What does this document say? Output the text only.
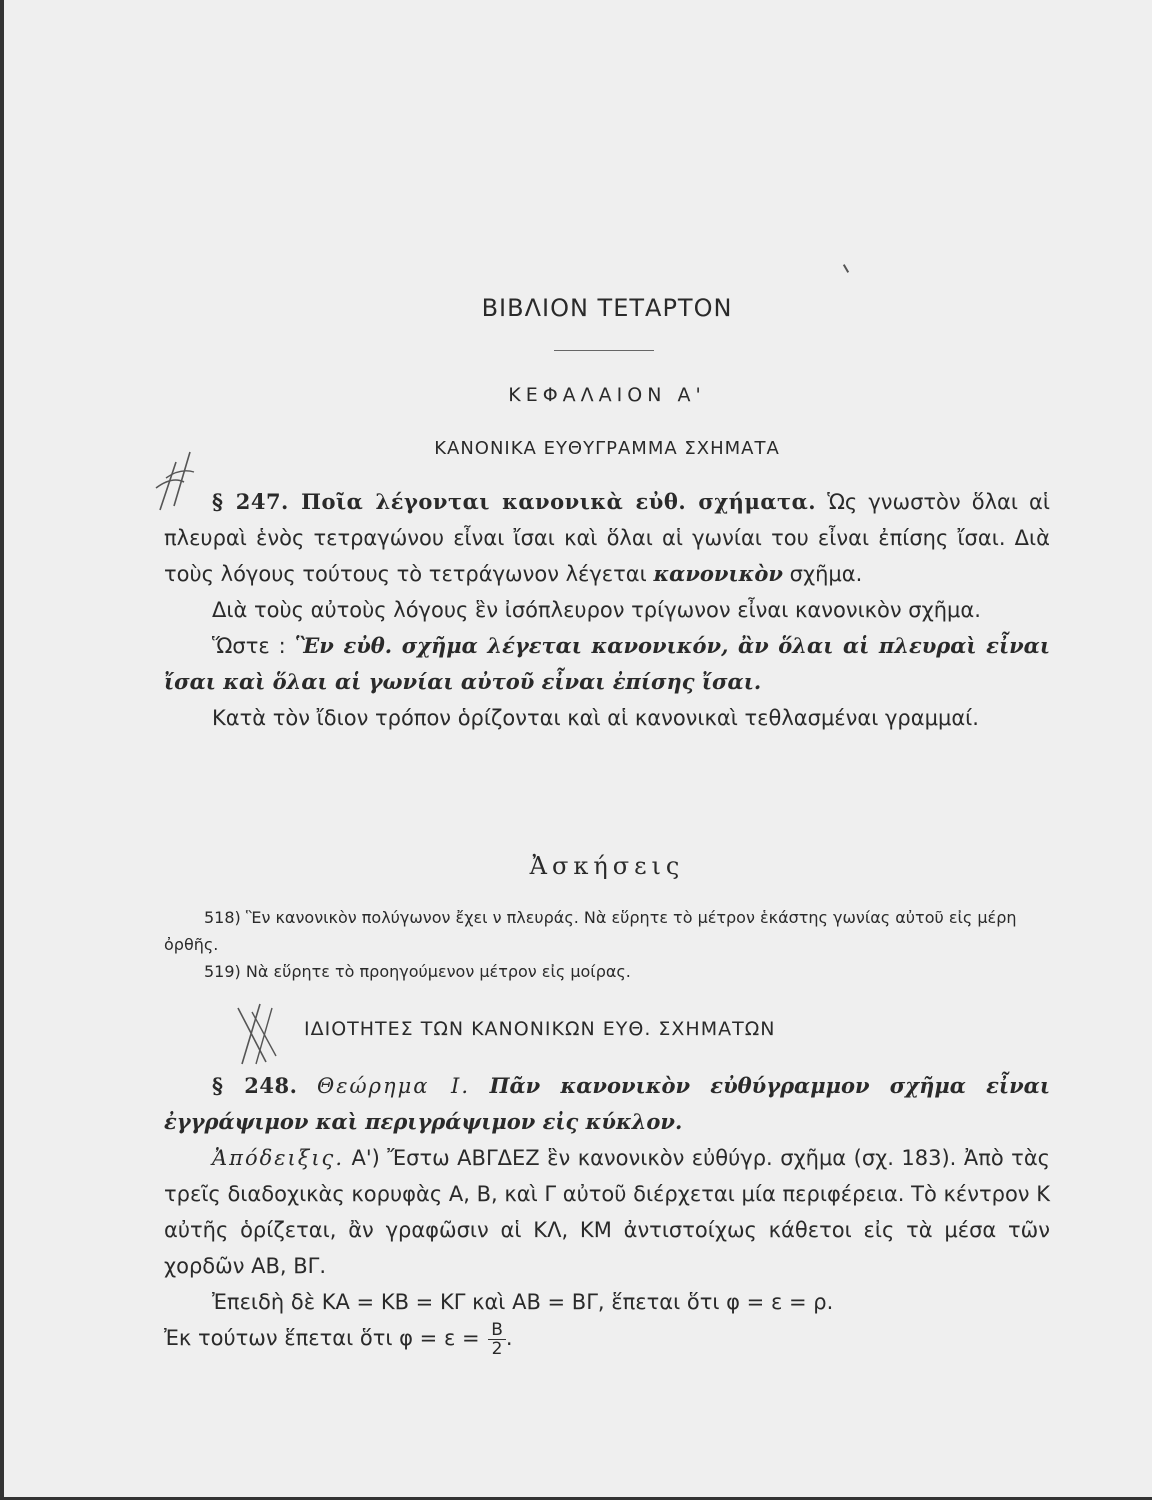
ΒΙΒΛΙΟΝ ΤΕΤΑΡΤΟΝ
ΚΕΦΑΛΑΙΟΝ Α'
ΚΑΝΟΝΙΚΑ ΕΥΘΥΓΡΑΜΜΑ ΣΧΗΜΑΤΑ

§ 247. Ποῖα λέγονται κανονικὰ εὐθ. σχήματα. Ὡς γνωστὸν ὅλαι αἱ πλευραὶ ἑνὸς τετραγώνου εἶναι ἴσαι καὶ ὅλαι αἱ γωνίαι του εἶναι ἐπίσης ἴσαι. Διὰ τοὺς λόγους τούτους τὸ τετράγωνον λέγεται κανονικὸν σχῆμα.

Διὰ τοὺς αὐτοὺς λόγους ἓν ἰσόπλευρον τρίγωνον εἶναι κανονικὸν σχῆμα.

Ὥστε : Ἓν εὐθ. σχῆμα λέγεται κανονικόν, ἂν ὅλαι αἱ πλευραὶ εἶναι ἴσαι καὶ ὅλαι αἱ γωνίαι αὐτοῦ εἶναι ἐπίσης ἴσαι.

Κατὰ τὸν ἴδιον τρόπον ὁρίζονται καὶ αἱ κανονικαὶ τεθλασμέναι γραμμαί.

Ἀσκήσεις

518) Ἓν κανονικὸν πολύγωνον ἔχει ν πλευράς. Νὰ εὕρητε τὸ μέτρον ἑκάστης γωνίας αὐτοῦ εἰς μέρη ὀρθῆς.

519) Νὰ εὕρητε τὸ προηγούμενον μέτρον εἰς μοίρας.

ΙΔΙΟΤΗΤΕΣ ΤΩΝ ΚΑΝΟΝΙΚΩΝ ΕΥΘ. ΣΧΗΜΑΤΩΝ

§ 248. Θεώρημα Ι. Πᾶν κανονικὸν εὐθύγραμμον σχῆμα εἶναι ἐγγράψιμον καὶ περιγράψιμον εἰς κύκλον.

Ἀπόδειξις. Α') Ἔστω ΑΒΓΔΕΖ ἓν κανονικὸν εὐθύγρ. σχῆμα (σχ. 183). Ἀπὸ τὰς τρεῖς διαδοχικὰς κορυφὰς Α, Β, καὶ Γ αὐτοῦ διέρχεται μία περιφέρεια. Τὸ κέντρον Κ αὐτῆς ὁρίζεται, ἂν γραφῶσιν αἱ ΚΛ, ΚΜ ἀντιστοίχως κάθετοι εἰς τὰ μέσα τῶν χορδῶν ΑΒ, ΒΓ.

Ἐπειδὴ δὲ ΚΑ = ΚΒ = ΚΓ καὶ ΑΒ = ΒΓ, ἕπεται ὅτι φ = ε = ρ.

Ἐκ τούτων ἕπεται ὅτι $\varphi = \varepsilon = \frac{B}{2}$ .
